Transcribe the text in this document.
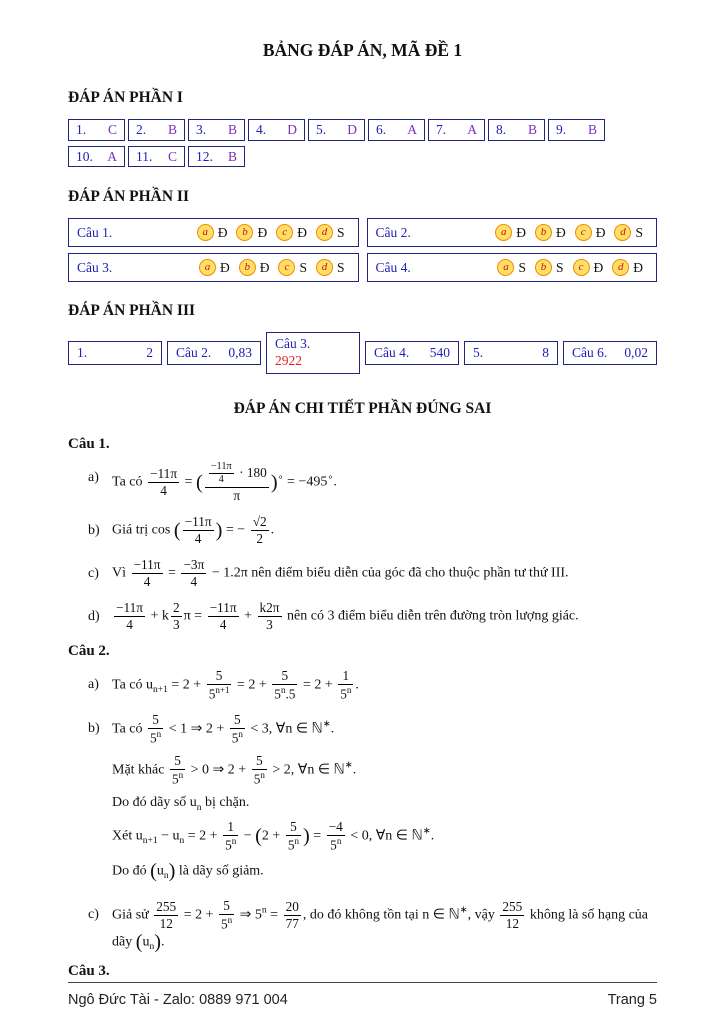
BẢNG ĐÁP ÁN, MÃ ĐỀ 1
ĐÁP ÁN PHẦN I
1. C 2. B 3. B 4. D 5. D 6. A 7. A 8. B 9. B

10. A 11. C 12. B
ĐÁP ÁN PHẦN II
Câu 1.	a Đ	b Đ	c Đ	d S Câu 2.	a Đ	b Đ	c Đ	d S
Câu 3.	a Đ	b Đ	c S	d S Câu 4.	a S	b S	c Đ	d Đ
ĐÁP ÁN PHẦN III
1.	2 Câu 2. 0,83
Câu 3.
2922
Câu 4. 540 5.	8 Câu 6. 0,02
ĐÁP ÁN CHI TIẾT PHẦN ĐÚNG SAI
Câu 1.
a) Ta có $\frac{-11\pi}{4}$ = ( $\frac{\frac{-11\pi}{4} \cdot 180}{\pi} )^\circ = -495^\circ$.
b) Giá trị cos ( $\frac{-11\pi}{4}$ ) = − $\frac{√2}{2}$ .
c) Vì $\frac{-11\pi}{4} = \frac{-3\pi}{4} - 1.2\pi$ nên điểm biểu diễn của góc đã cho thuộc phần tư thứ III.
d)	$\frac{-11\pi}{4} + k \frac{2}{3}$ $\pi = \frac{-11\pi}{4} + \frac{k2\pi}{3}$ nên có 3 điểm biểu diễn trên đường tròn lượng giác.
Câu 2.
a) Ta có $u_{n+1} = 2 + \frac{5}{5^{n+1}} = 2 + \frac{5}{5^n.5} = 2 + \frac{1}{5^n}$ .
b) Ta có $\frac{5}{5^n} < 1$ ⇒ $2 + \frac{5}{5^n} < 3$, ∀n ∈ ℕ∗.
Mặt khác $\frac{5}{5^n} > 0$ ⇒ $2 + \frac{5}{5^n} > 2$, ∀n ∈ ℕ∗.
Do đó dãy số $u_n$ bị chặn.
Xét $u_{n+1} - u_n = 2 + \frac{1}{5^n} - (2 + \frac{5}{5^n}$ ) = $\frac{-4}{5^n} < 0$, ∀n ∈ ℕ∗.
Do đó $(u_n)$ là dãy số giảm.
c) Giả sử $\frac{255}{12} = 2 + \frac{5}{5^n}$ ⇒ $5^n = \frac{20}{77}$ , do đó không tồn tại n ∈ ℕ∗, vậy $\frac{255}{12}$ không là số hạng của dãy $(u_n)$.
Câu 3.
Ngô Đức Tài - Zalo: 0889 971 004	Trang 5
